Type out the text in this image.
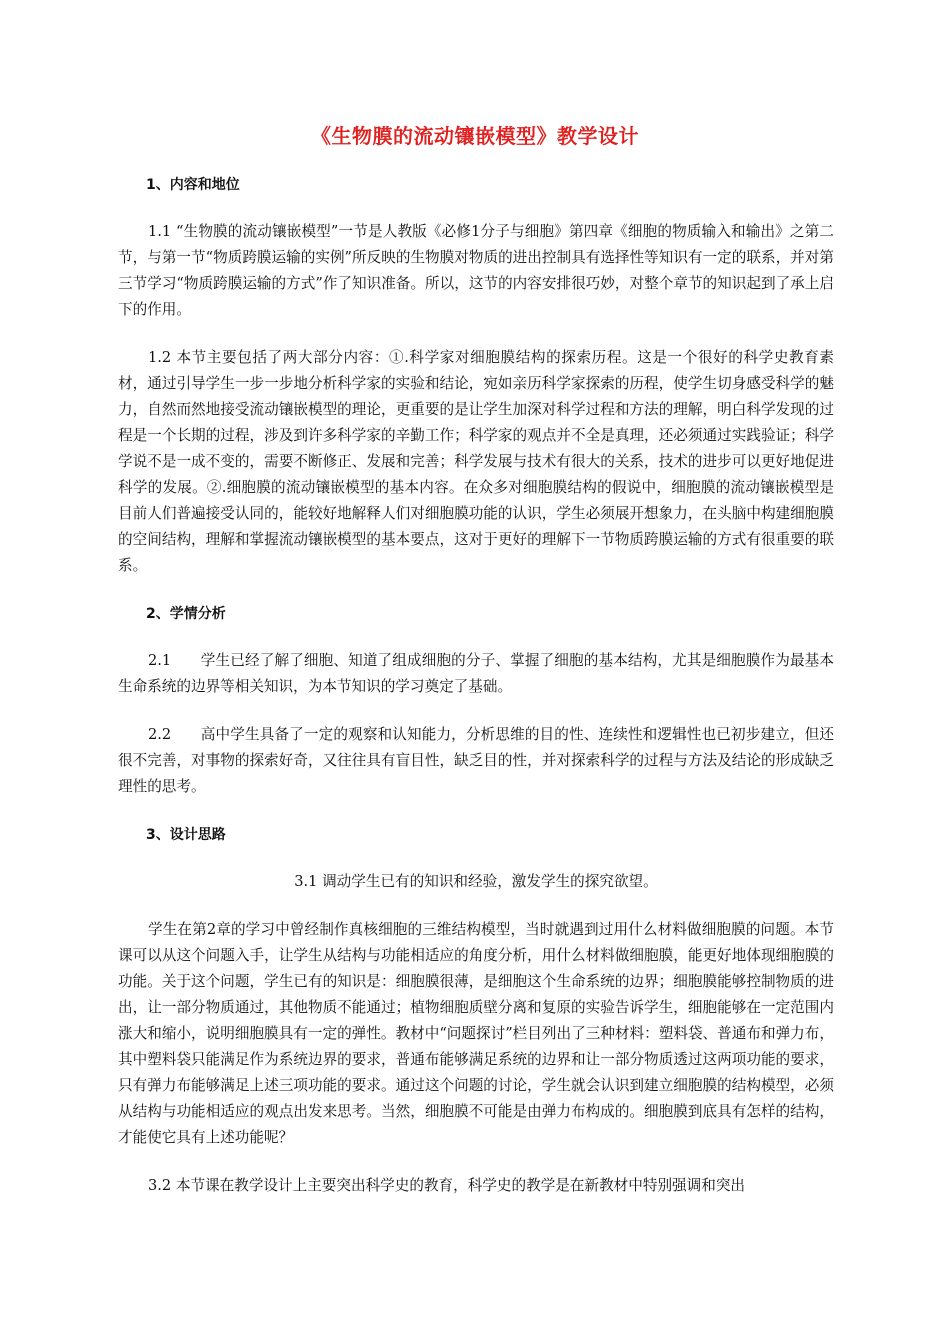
《生物膜的流动镶嵌模型》教学设计
1、内容和地位

1.1 “生物膜的流动镶嵌模型”一节是人教版《必修1分子与细胞》第四章《细胞的物质输入和输出》之第二节，与第一节“物质跨膜运输的实例”所反映的生物膜对物质的进出控制具有选择性等知识有一定的联系，并对第三节学习“物质跨膜运输的方式”作了知识准备。所以，这节的内容安排很巧妙，对整个章节的知识起到了承上启下的作用。

1.2 本节主要包括了两大部分内容：①.科学家对细胞膜结构的探索历程。这是一个很好的科学史教育素材，通过引导学生一步一步地分析科学家的实验和结论，宛如亲历科学家探索的历程，使学生切身感受科学的魅力，自然而然地接受流动镶嵌模型的理论，更重要的是让学生加深对科学过程和方法的理解，明白科学发现的过程是一个长期的过程，涉及到许多科学家的辛勤工作；科学家的观点并不全是真理，还必须通过实践验证；科学学说不是一成不变的，需要不断修正、发展和完善；科学发展与技术有很大的关系，技术的进步可以更好地促进科学的发展。②.细胞膜的流动镶嵌模型的基本内容。在众多对细胞膜结构的假说中，细胞膜的流动镶嵌模型是目前人们普遍接受认同的，能较好地解释人们对细胞膜功能的认识，学生必须展开想象力，在头脑中构建细胞膜的空间结构，理解和掌握流动镶嵌模型的基本要点，这对于更好的理解下一节物质跨膜运输的方式有很重要的联系。

2、学情分析

2.1　　学生已经了解了细胞、知道了组成细胞的分子、掌握了细胞的基本结构，尤其是细胞膜作为最基本生命系统的边界等相关知识，为本节知识的学习奠定了基础。

2.2　　高中学生具备了一定的观察和认知能力，分析思维的目的性、连续性和逻辑性也已初步建立，但还很不完善，对事物的探索好奇，又往往具有盲目性，缺乏目的性，并对探索科学的过程与方法及结论的形成缺乏理性的思考。

3、设计思路

3.1 调动学生已有的知识和经验，激发学生的探究欲望。

学生在第2章的学习中曾经制作真核细胞的三维结构模型，当时就遇到过用什么材料做细胞膜的问题。本节课可以从这个问题入手，让学生从结构与功能相适应的角度分析，用什么材料做细胞膜，能更好地体现细胞膜的功能。关于这个问题，学生已有的知识是：细胞膜很薄，是细胞这个生命系统的边界；细胞膜能够控制物质的进出，让一部分物质通过，其他物质不能通过；植物细胞质壁分离和复原的实验告诉学生，细胞能够在一定范围内涨大和缩小，说明细胞膜具有一定的弹性。教材中“问题探讨”栏目列出了三种材料：塑料袋、普通布和弹力布，其中塑料袋只能满足作为系统边界的要求，普通布能够满足系统的边界和让一部分物质透过这两项功能的要求，只有弹力布能够满足上述三项功能的要求。通过这个问题的讨论，学生就会认识到建立细胞膜的结构模型，必须从结构与功能相适应的观点出发来思考。当然，细胞膜不可能是由弹力布构成的。细胞膜到底具有怎样的结构，才能使它具有上述功能呢？

3.2 本节课在教学设计上主要突出科学史的教育，科学史的教学是在新教材中特别强调和突出
